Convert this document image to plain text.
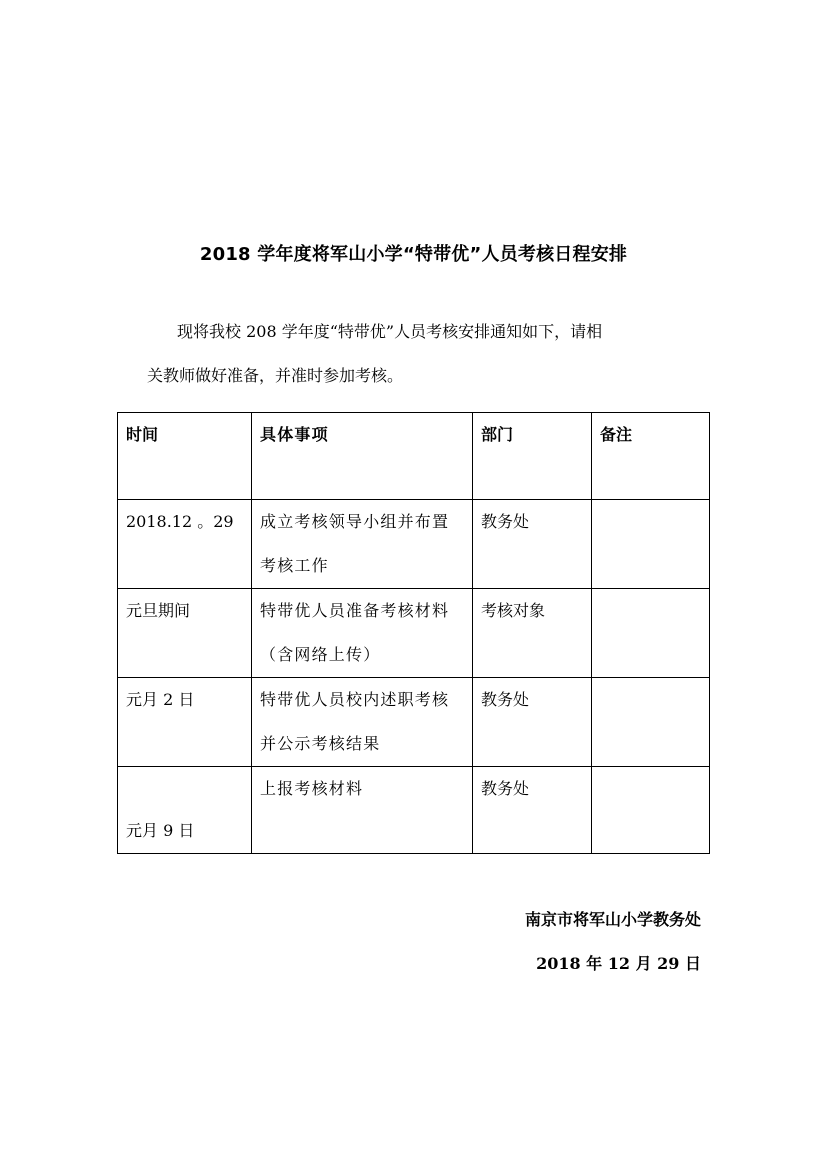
2018 学年度将军山小学“特带优”人员考核日程安排
现将我校 208 学年度“特带优”人员考核安排通知如下，请相
关教师做好准备，并准时参加考核。
时间	具体事项	部门	备注

2018.12 。29	成立考核领导小组并布置考核工作	教务处	

元旦期间	特带优人员准备考核材料（含网络上传）	考核对象	

元月 2 日	特带优人员校内述职考核并公示考核结果	教务处	

元月 9 日	上报考核材料	教务处	

南京市将军山小学教务处
2018 年 12 月 29 日
